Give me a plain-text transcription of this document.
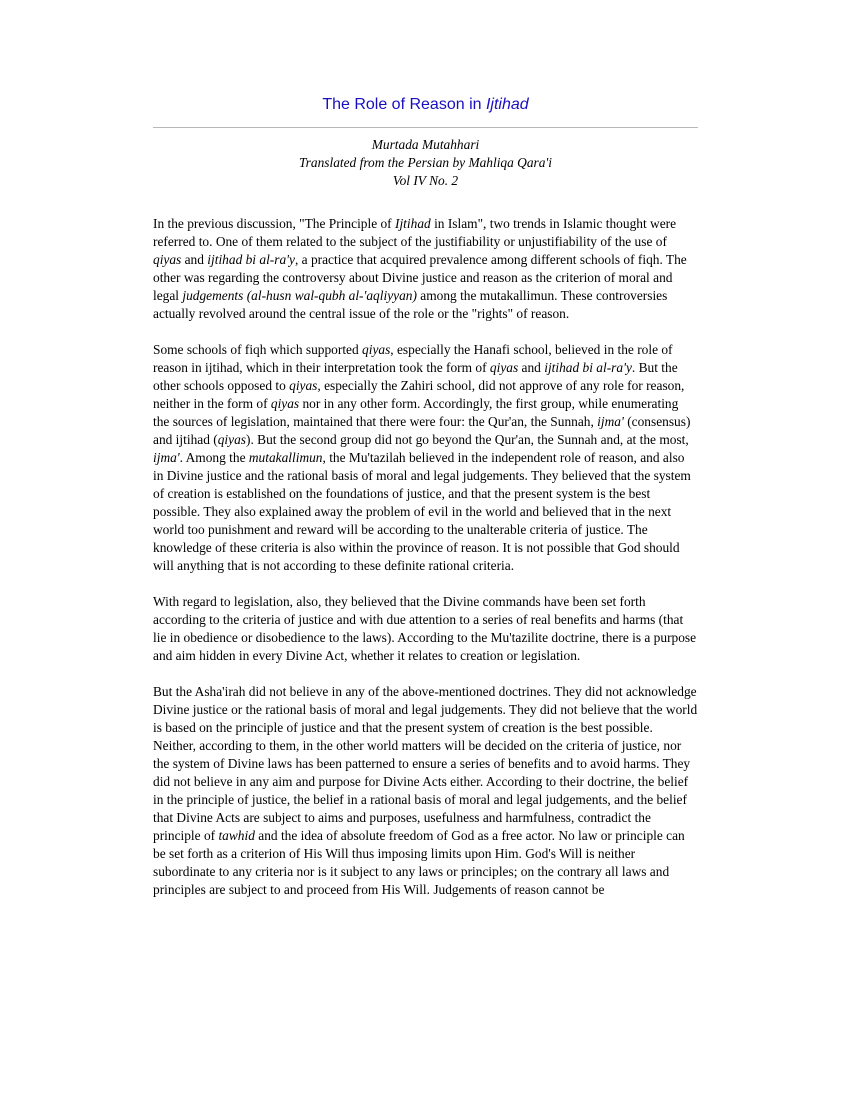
The Role of Reason in Ijtihad
Murtada Mutahhari
Translated from the Persian by Mahliqa Qara'i
Vol IV No. 2

In the previous discussion, "The Principle of Ijtihad in Islam", two trends in Islamic thought were referred to. One of them related to the subject of the justifiability or unjustifiability of the use of qiyas and ijtihad bi al-ra'y, a practice that acquired prevalence among different schools of fiqh. The other was regarding the controversy about Divine justice and reason as the criterion of moral and legal judgements (al-husn wal-qubh al-'aqliyyan) among the mutakallimun. These controversies actually revolved around the central issue of the role or the "rights" of reason.

Some schools of fiqh which supported qiyas, especially the Hanafi school, believed in the role of reason in ijtihad, which in their interpretation took the form of qiyas and ijtihad bi al-ra'y. But the other schools opposed to qiyas, especially the Zahiri school, did not approve of any role for reason, neither in the form of qiyas nor in any other form. Accordingly, the first group, while enumerating the sources of legislation, maintained that there were four: the Qur'an, the Sunnah, ijma' (consensus) and ijtihad (qiyas). But the second group did not go beyond the Qur'an, the Sunnah and, at the most, ijma'. Among the mutakallimun, the Mu'tazilah believed in the independent role of reason, and also in Divine justice and the rational basis of moral and legal judgements. They believed that the system of creation is established on the foundations of justice, and that the present system is the best possible. They also explained away the problem of evil in the world and believed that in the next world too punishment and reward will be according to the unalterable criteria of justice. The knowledge of these criteria is also within the province of reason. It is not possible that God should will anything that is not according to these definite rational criteria.

With regard to legislation, also, they believed that the Divine commands have been set forth according to the criteria of justice and with due attention to a series of real benefits and harms (that lie in obedience or disobedience to the laws). According to the Mu'tazilite doctrine, there is a purpose and aim hidden in every Divine Act, whether it relates to creation or legislation.

But the Asha'irah did not believe in any of the above-mentioned doctrines. They did not acknowledge Divine justice or the rational basis of moral and legal judgements. They did not believe that the world is based on the principle of justice and that the present system of creation is the best possible. Neither, according to them, in the other world matters will be decided on the criteria of justice, nor the system of Divine laws has been patterned to ensure a series of benefits and to avoid harms. They did not believe in any aim and purpose for Divine Acts either. According to their doctrine, the belief in the principle of justice, the belief in a rational basis of moral and legal judgements, and the belief that Divine Acts are subject to aims and purposes, usefulness and harmfulness, contradict the principle of tawhid and the idea of absolute freedom of God as a free actor. No law or principle can be set forth as a criterion of His Will thus imposing limits upon Him. God's Will is neither subordinate to any criteria nor is it subject to any laws or principles; on the contrary all laws and principles are subject to and proceed from His Will. Judgements of reason cannot be
